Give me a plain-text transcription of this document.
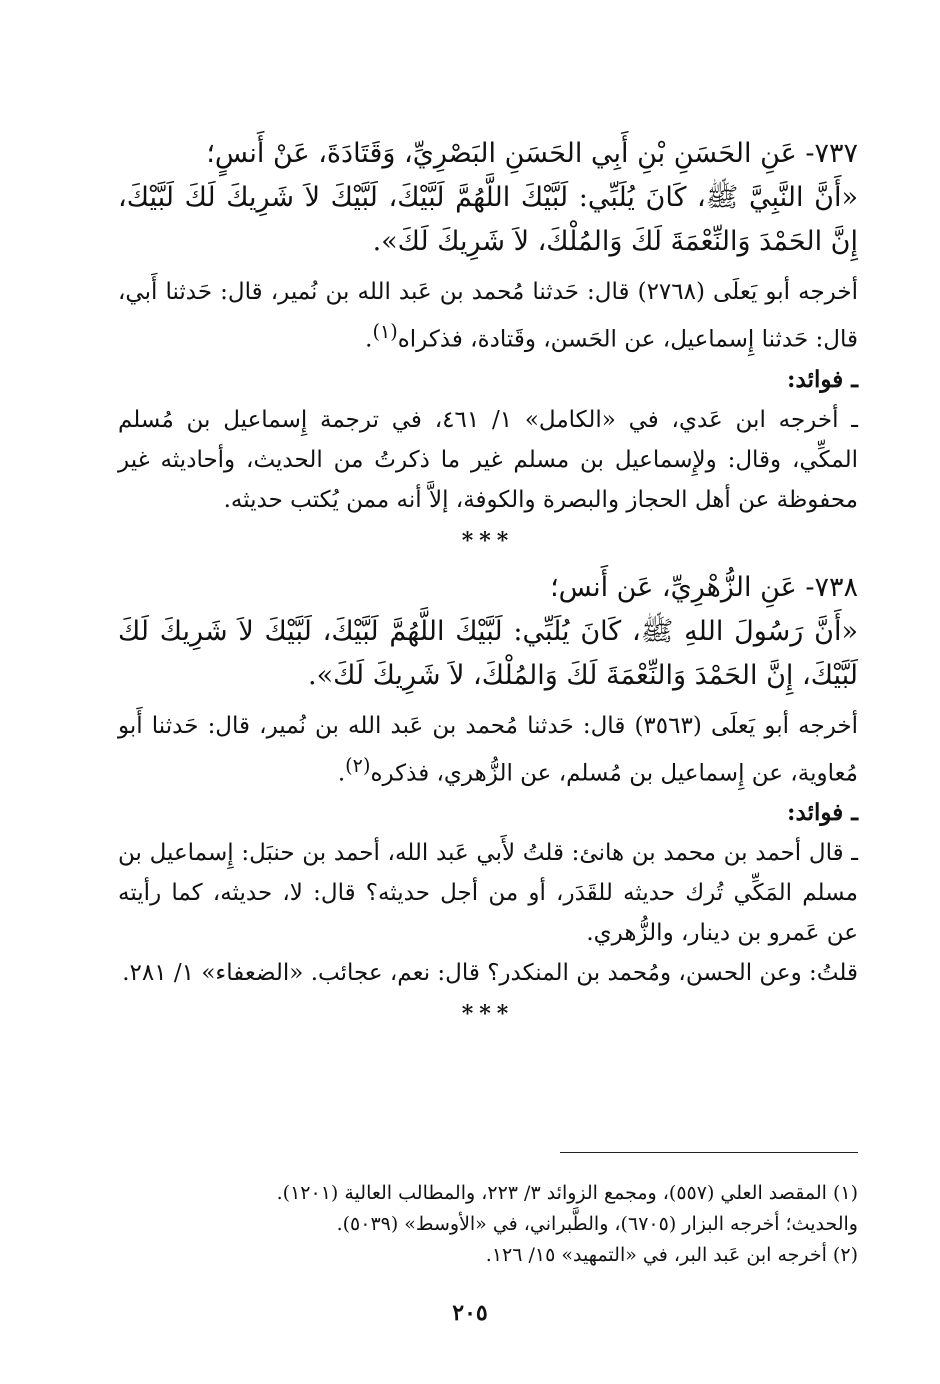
٧٣٧- عَنِ الحَسَنِ بْنِ أَبِي الحَسَنِ البَصْرِيِّ، وَقَتَادَةَ، عَنْ أَنسٍ؛

«أَنَّ النَّبِيَّ ﷺ، كَانَ يُلَبِّي: لَبَّيْكَ اللَّهُمَّ لَبَّيْكَ، لَبَّيْكَ لاَ شَرِيكَ لَكَ لَبَّيْكَ، إِنَّ الحَمْدَ وَالنِّعْمَةَ لَكَ وَالمُلْكَ، لاَ شَرِيكَ لَكَ».

أخرجه أبو يَعلَى (٢٧٦٨) قال: حَدثنا مُحمد بن عَبد الله بن نُمير، قال: حَدثنا أَبي، قال: حَدثنا إِسماعيل، عن الحَسن، وقَتادة، فذكراه$^{(١)}$.

ـ فوائد:

ـ أخرجه ابن عَدي، في «الكامل» ١/ ٤٦١، في ترجمة إِسماعيل بن مُسلم المكِّي، وقال: ولإِسماعيل بن مسلم غير ما ذكرتُ من الحديث، وأحاديثه غير محفوظة عن أهل الحجاز والبصرة والكوفة، إلاَّ أنه ممن يُكتب حديثه.

***

٧٣٨- عَنِ الزُّهْرِيِّ، عَن أَنس؛

«أَنَّ رَسُولَ اللهِ ﷺ، كَانَ يُلَبِّي: لَبَّيْكَ اللَّهُمَّ لَبَّيْكَ، لَبَّيْكَ لاَ شَرِيكَ لَكَ لَبَّيْكَ، إِنَّ الحَمْدَ وَالنِّعْمَةَ لَكَ وَالمُلْكَ، لاَ شَرِيكَ لَكَ».

أخرجه أبو يَعلَى (٣٥٦٣) قال: حَدثنا مُحمد بن عَبد الله بن نُمير، قال: حَدثنا أَبو مُعاوية، عن إِسماعيل بن مُسلم، عن الزُّهري، فذكره$^{(٢)}$.

ـ فوائد:

ـ قال أحمد بن محمد بن هانئ: قلتُ لأَبي عَبد الله، أحمد بن حنبَل: إِسماعيل بن مسلم المَكِّي تُرك حديثه للقَدَر، أو من أجل حديثه؟ قال: لا، حديثه، كما رأيته عن عَمرو بن دينار، والزُّهري.

قلتُ: وعن الحسن، ومُحمد بن المنكدر؟ قال: نعم، عجائب. «الضعفاء» ١/ ٢٨١.

***

(١) المقصد العلي (٥٥٧)، ومجمع الزوائد ٣/ ٢٢٣، والمطالب العالية (١٢٠١).

والحديث؛ أخرجه البزار (٦٧٠٥)، والطَّبراني، في «الأوسط» (٥٠٣٩).

(٢) أخرجه ابن عَبد البر، في «التمهيد» ١٥/ ١٢٦.

٢٠٥
